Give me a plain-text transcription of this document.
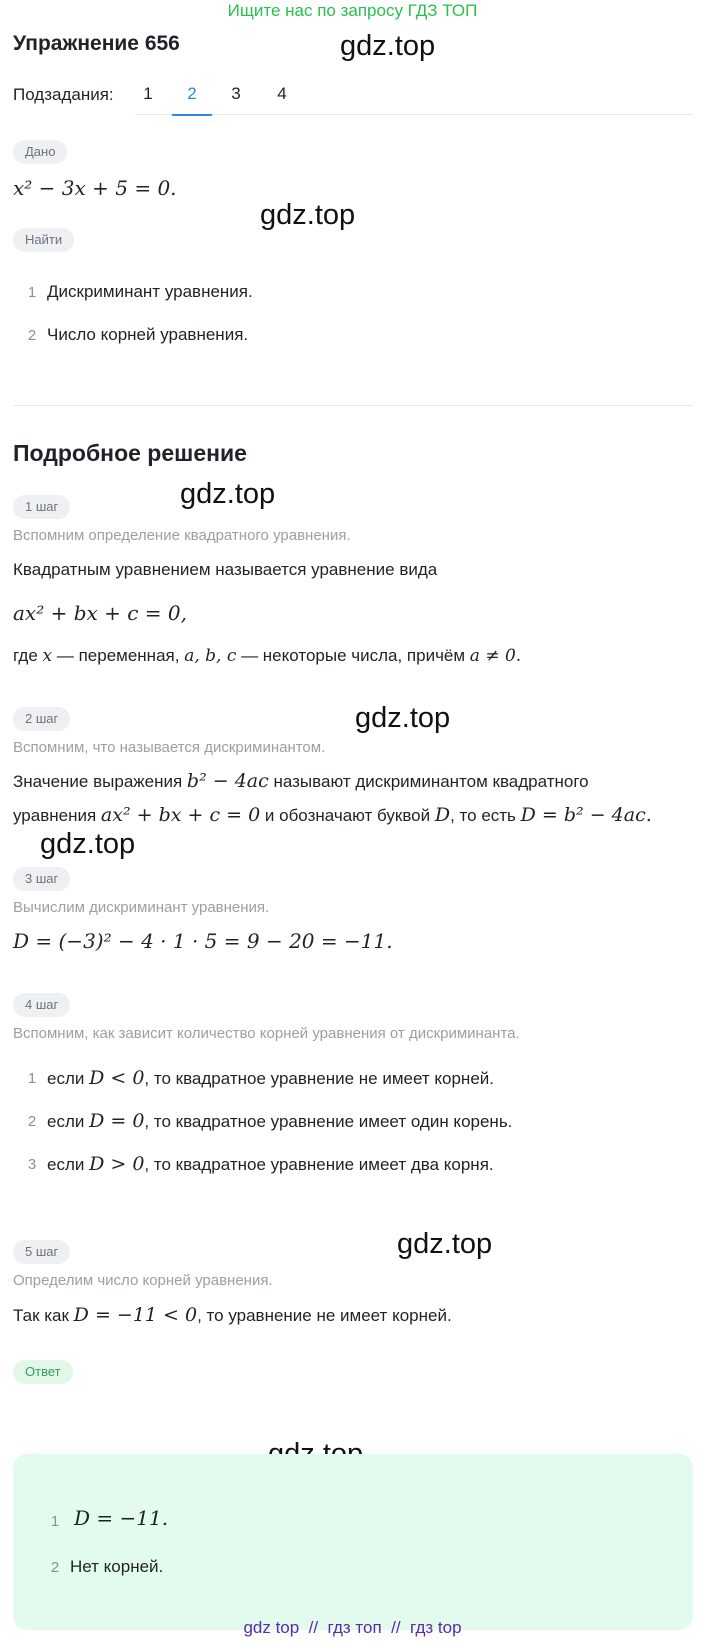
Ищите нас по запросу ГДЗ ТОП
Упражнение 656	gdz.top
gdz.top
gdz.top
gdz.top
gdz.top
gdz.top
Подзадания:	1	2	3	4
Дано
x² − 3x + 5 = 0.
Найти
1 Дискриминант уравнения.
2 Число корней уравнения.
Подробное решение
1 шаг
Вспомним определение квадратного уравнения.
Квадратным уравнением называется уравнение вида
ax² + bx + c = 0,
где x — переменная, a, b, c — некоторые числа, причём a ≠ 0.
2 шаг
Вспомним, что называется дискриминантом.
Значение выражения b² − 4ac называют дискриминантом квадратного
уравнения ax² + bx + c = 0 и обозначают буквой D, то есть D = b² − 4ac.
3 шаг
Вычислим дискриминант уравнения.
D = (−3)² − 4 · 1 · 5 = 9 − 20 = −11.
4 шаг
Вспомним, как зависит количество корней уравнения от дискриминанта.
1 если D < 0, то квадратное уравнение не имеет корней.
2 если D = 0, то квадратное уравнение имеет один корень.
3 если D > 0, то квадратное уравнение имеет два корня.
5 шаг
Определим число корней уравнения.
Так как D = −11 < 0, то уравнение не имеет корней.
Ответ
1 D = −11.
2 Нет корней.
gdz top  //  гдз топ  //  гдз top
